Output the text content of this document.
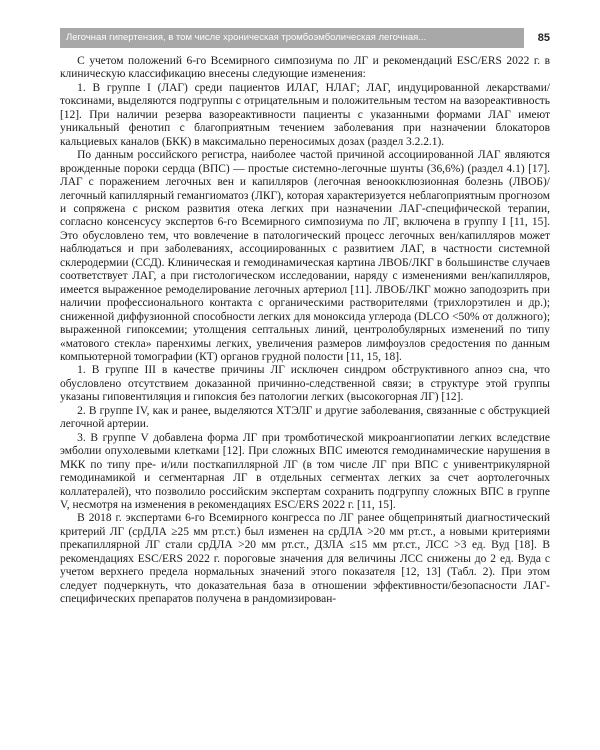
Легочная гипертензия, в том числе хроническая тромбоэмболическая легочная...	85

С учетом положений 6-го Всемирного симпозиума по ЛГ и рекомендаций ESC/ERS 2022 г. в клиническую классификацию внесены следующие изменения:

1. В группе I (ЛАГ) среди пациентов ИЛАГ, НЛАГ; ЛАГ, индуцированной лекарствами/токсинами, выделяются подгруппы с отрицательным и положительным тестом на вазореактивность [12]. При наличии резерва вазореактивности пациенты с указанными формами ЛАГ имеют уникальный фенотип с благоприятным течением заболевания при назначении блокаторов кальциевых каналов (БКК) в максимально переносимых дозах (раздел 3.2.2.1).

По данным российского регистра, наиболее частой причиной ассоциированной ЛАГ являются врожденные пороки сердца (ВПС) — простые системно-легочные шунты (36,6%) (раздел 4.1) [17]. ЛАГ с поражением легочных вен и капилляров (легочная веноокклюзионная болезнь (ЛВОБ)/легочный капиллярный гемангиоматоз (ЛКГ), которая характеризуется неблагоприятным прогнозом и сопряжена с риском развития отека легких при назначении ЛАГ-специфической терапии, согласно консенсусу экспертов 6-го Всемирного симпозиума по ЛГ, включена в группу I [11, 15]. Это обусловлено тем, что вовлечение в патологический процесс легочных вен/капилляров может наблюдаться и при заболеваниях, ассоциированных с развитием ЛАГ, в частности системной склеродермии (ССД). Клиническая и гемодинамическая картина ЛВОБ/ЛКГ в большинстве случаев соответствует ЛАГ, а при гистологическом исследовании, наряду с изменениями вен/капилляров, имеется выраженное ремоделирование легочных артериол [11]. ЛВОБ/ЛКГ можно заподозрить при наличии профессионального контакта с органическими растворителями (трихлорэтилен и др.); сниженной диффузионной способности легких для моноксида углерода (DLCO <50% от должного); выраженной гипоксемии; утолщения септальных линий, центролобулярных изменений по типу «матового стекла» паренхимы легких, увеличения размеров лимфоузлов средостения по данным компьютерной томографии (КТ) органов грудной полости [11, 15, 18].

1. В группе III в качестве причины ЛГ исключен синдром обструктивного апноэ сна, что обусловлено отсутствием доказанной причинно-следственной связи; в структуре этой группы указаны гиповентиляция и гипоксия без патологии легких (высокогорная ЛГ) [12].

2. В группе IV, как и ранее, выделяются ХТЭЛГ и другие заболевания, связанные с обструкцией легочной артерии.

3. В группе V добавлена форма ЛГ при тромботической микроангиопатии легких вследствие эмболии опухолевыми клетками [12]. При сложных ВПС имеются гемодинамические нарушения в МКК по типу пре- и/или посткапиллярной ЛГ (в том числе ЛГ при ВПС с унивентрикулярной гемодинамикой и сегментарная ЛГ в отдельных сегментах легких за счет аортолегочных коллатералей), что позволило российским экспертам сохранить подгруппу сложных ВПС в группе V, несмотря на изменения в рекомендациях ESC/ERS 2022 г. [11, 15].

В 2018 г. экспертами 6-го Всемирного конгресса по ЛГ ранее общепринятый диагностический критерий ЛГ (срДЛА ≥25 мм рт.ст.) был изменен на срДЛА >20 мм рт.ст., а новыми критериями прекапиллярной ЛГ стали срДЛА >20 мм рт.ст., ДЗЛА ≤15 мм рт.ст., ЛСС >3 ед. Вуд [18]. В рекомендациях ESC/ERS 2022 г. пороговые значения для величины ЛСС снижены до 2 ед. Вуда с учетом верхнего предела нормальных значений этого показателя [12, 13] (Табл. 2). При этом следует подчеркнуть, что доказательная база в отношении эффективности/безопасности ЛАГ-специфических препаратов получена в рандомизирован-
